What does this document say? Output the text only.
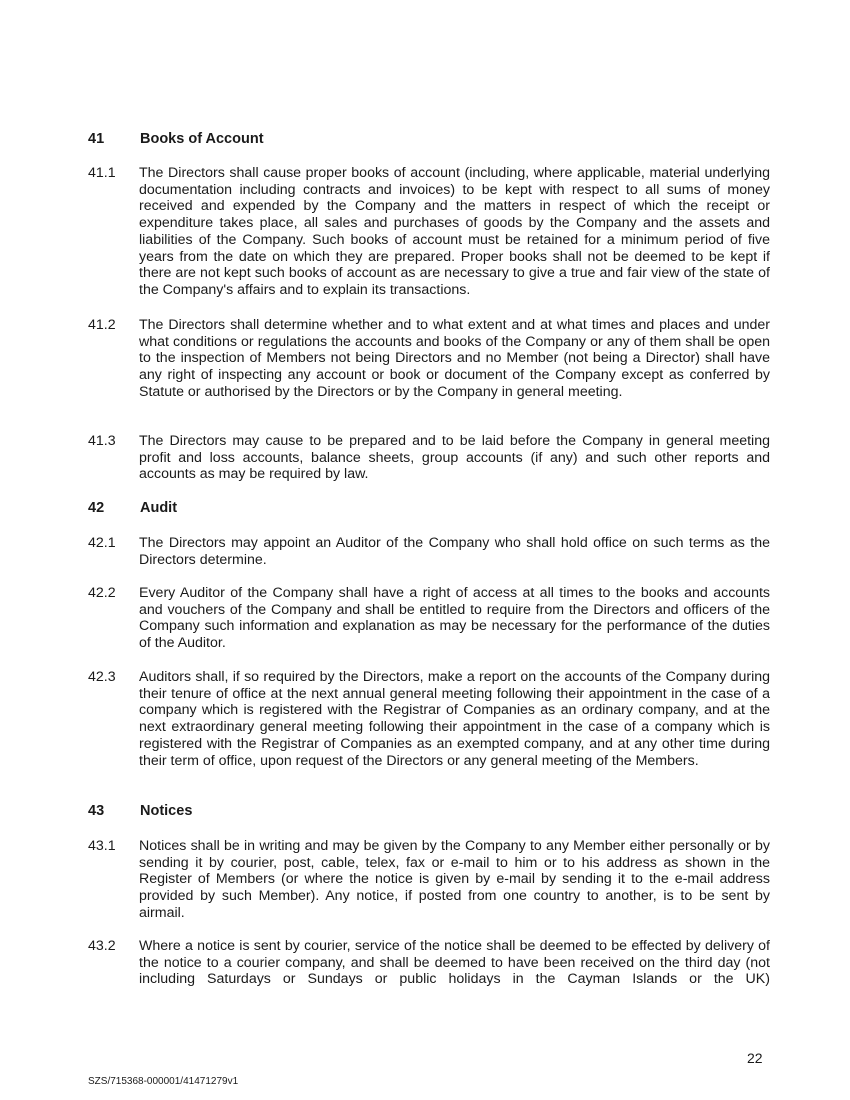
41 Books of Account
41.1 The Directors shall cause proper books of account (including, where applicable, material underlying documentation including contracts and invoices) to be kept with respect to all sums of money received and expended by the Company and the matters in respect of which the receipt or expenditure takes place, all sales and purchases of goods by the Company and the assets and liabilities of the Company. Such books of account must be retained for a minimum period of five years from the date on which they are prepared. Proper books shall not be deemed to be kept if there are not kept such books of account as are necessary to give a true and fair view of the state of the Company's affairs and to explain its transactions.
41.2 The Directors shall determine whether and to what extent and at what times and places and under what conditions or regulations the accounts and books of the Company or any of them shall be open to the inspection of Members not being Directors and no Member (not being a Director) shall have any right of inspecting any account or book or document of the Company except as conferred by Statute or authorised by the Directors or by the Company in general meeting.
41.3 The Directors may cause to be prepared and to be laid before the Company in general meeting profit and loss accounts, balance sheets, group accounts (if any) and such other reports and accounts as may be required by law.
42 Audit
42.1 The Directors may appoint an Auditor of the Company who shall hold office on such terms as the Directors determine.
42.2 Every Auditor of the Company shall have a right of access at all times to the books and accounts and vouchers of the Company and shall be entitled to require from the Directors and officers of the Company such information and explanation as may be necessary for the performance of the duties of the Auditor.
42.3 Auditors shall, if so required by the Directors, make a report on the accounts of the Company during their tenure of office at the next annual general meeting following their appointment in the case of a company which is registered with the Registrar of Companies as an ordinary company, and at the next extraordinary general meeting following their appointment in the case of a company which is registered with the Registrar of Companies as an exempted company, and at any other time during their term of office, upon request of the Directors or any general meeting of the Members.
43 Notices
43.1 Notices shall be in writing and may be given by the Company to any Member either personally or by sending it by courier, post, cable, telex, fax or e-mail to him or to his address as shown in the Register of Members (or where the notice is given by e-mail by sending it to the e-mail address provided by such Member). Any notice, if posted from one country to another, is to be sent by airmail.
43.2 Where a notice is sent by courier, service of the notice shall be deemed to be effected by delivery of the notice to a courier company, and shall be deemed to have been received on the third day (not including Saturdays or Sundays or public holidays in the Cayman Islands or the UK)
22
SZS/715368-000001/41471279v1
